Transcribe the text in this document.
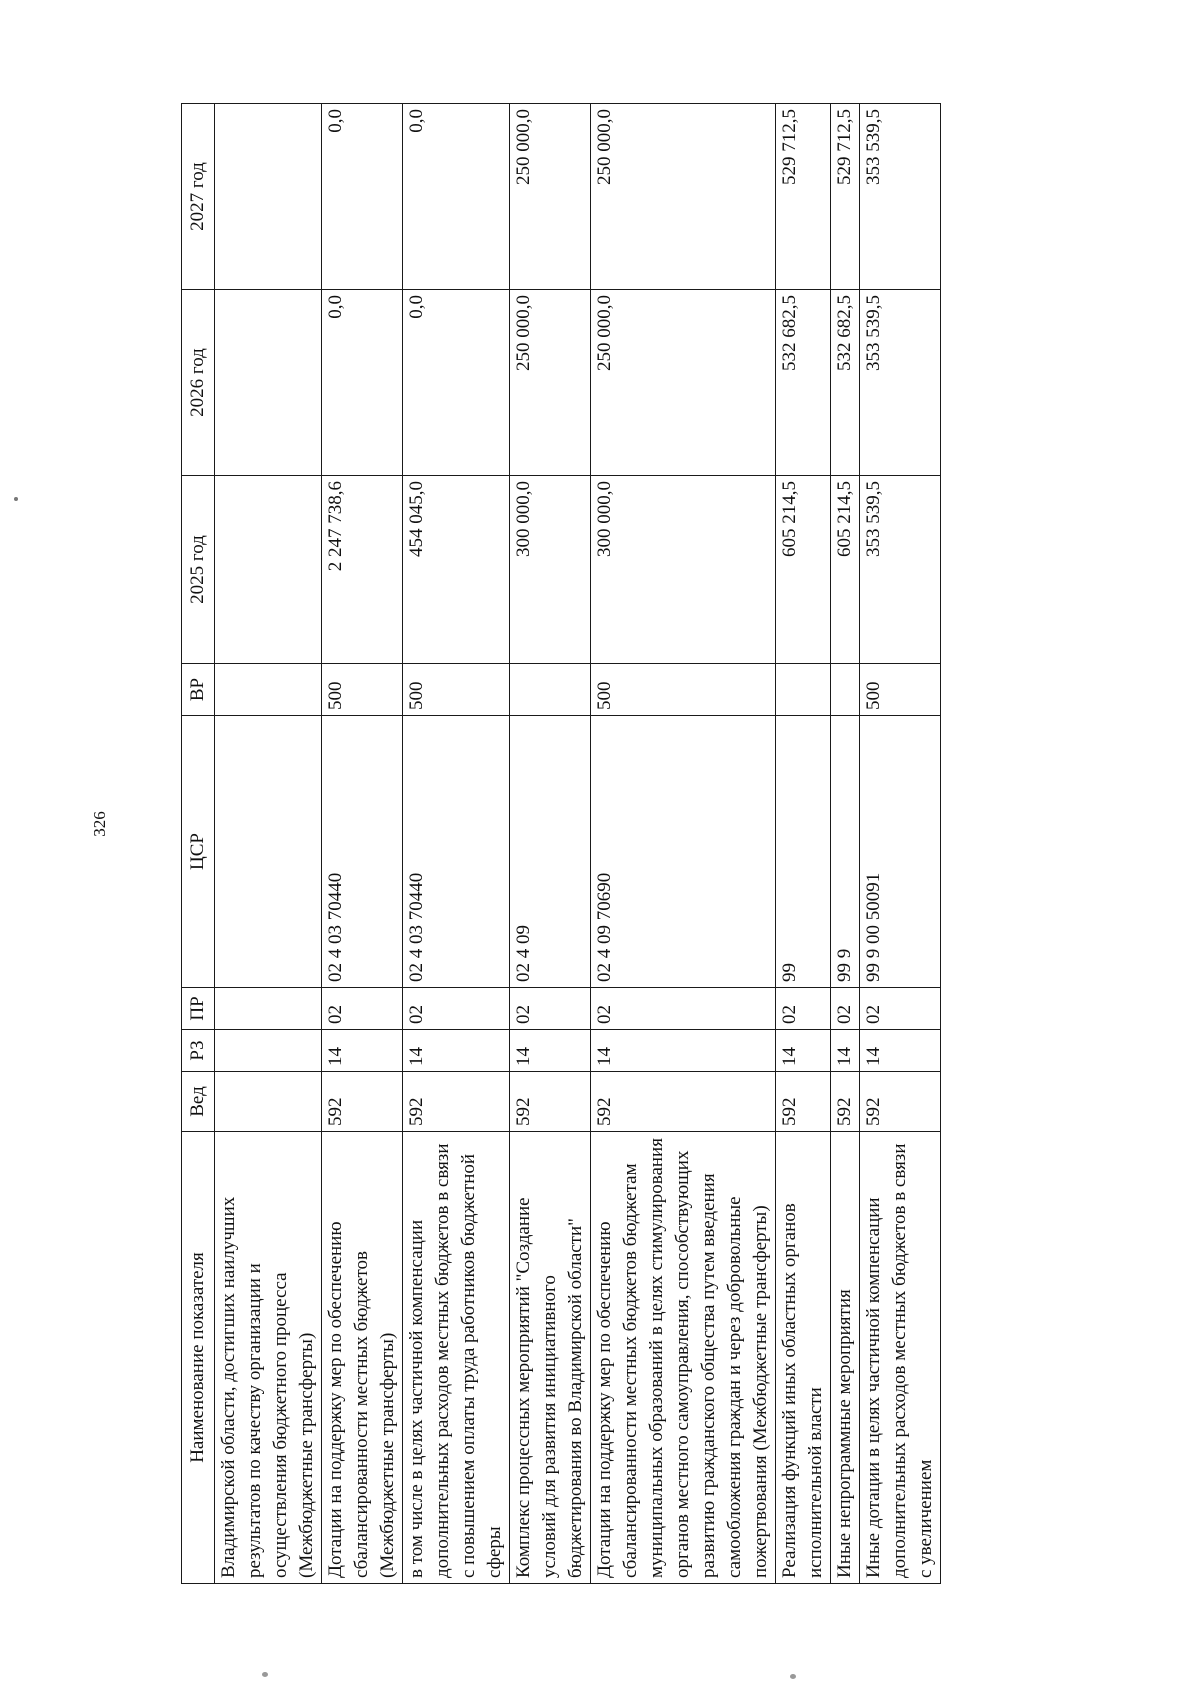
326
Наименование показателя	Вед	РЗ	ПР	ЦСР	ВР	2025 год	2026 год	2027 год
Владимирской области, достигших наилучших результатов по качеству организации и осуществления бюджетного процесса (Межбюджетные трансферты)								
Дотации на поддержку мер по обеспечению сбалансированности местных бюджетов (Межбюджетные трансферты)	592	14	02	02 4 03 70440	500	2 247 738,6	0,0	0,0
в том числе в целях частичной компенсации дополнительных расходов местных бюджетов в связи с повышением оплаты труда работников бюджетной сферы	592	14	02	02 4 03 70440	500	454 045,0	0,0	0,0
Комплекс процессных мероприятий "Создание условий для развития инициативного бюджетирования во Владимирской области"	592	14	02	02 4 09		300 000,0	250 000,0	250 000,0
Дотации на поддержку мер по обеспечению сбалансированности местных бюджетов бюджетам муниципальных образований в целях стимулирования органов местного самоуправления, способствующих развитию гражданского общества путем введения самообложения граждан и через добровольные пожертвования (Межбюджетные трансферты)	592	14	02	02 4 09 70690	500	300 000,0	250 000,0	250 000,0
Реализация функций иных областных органов исполнительной власти	592	14	02	99		605 214,5	532 682,5	529 712,5
Иные непрограммные мероприятия	592	14	02	99 9		605 214,5	532 682,5	529 712,5
Иные дотации в целях частичной компенсации дополнительных расходов местных бюджетов в связи с увеличением	592	14	02	99 9 00 50091	500	353 539,5	353 539,5	353 539,5
